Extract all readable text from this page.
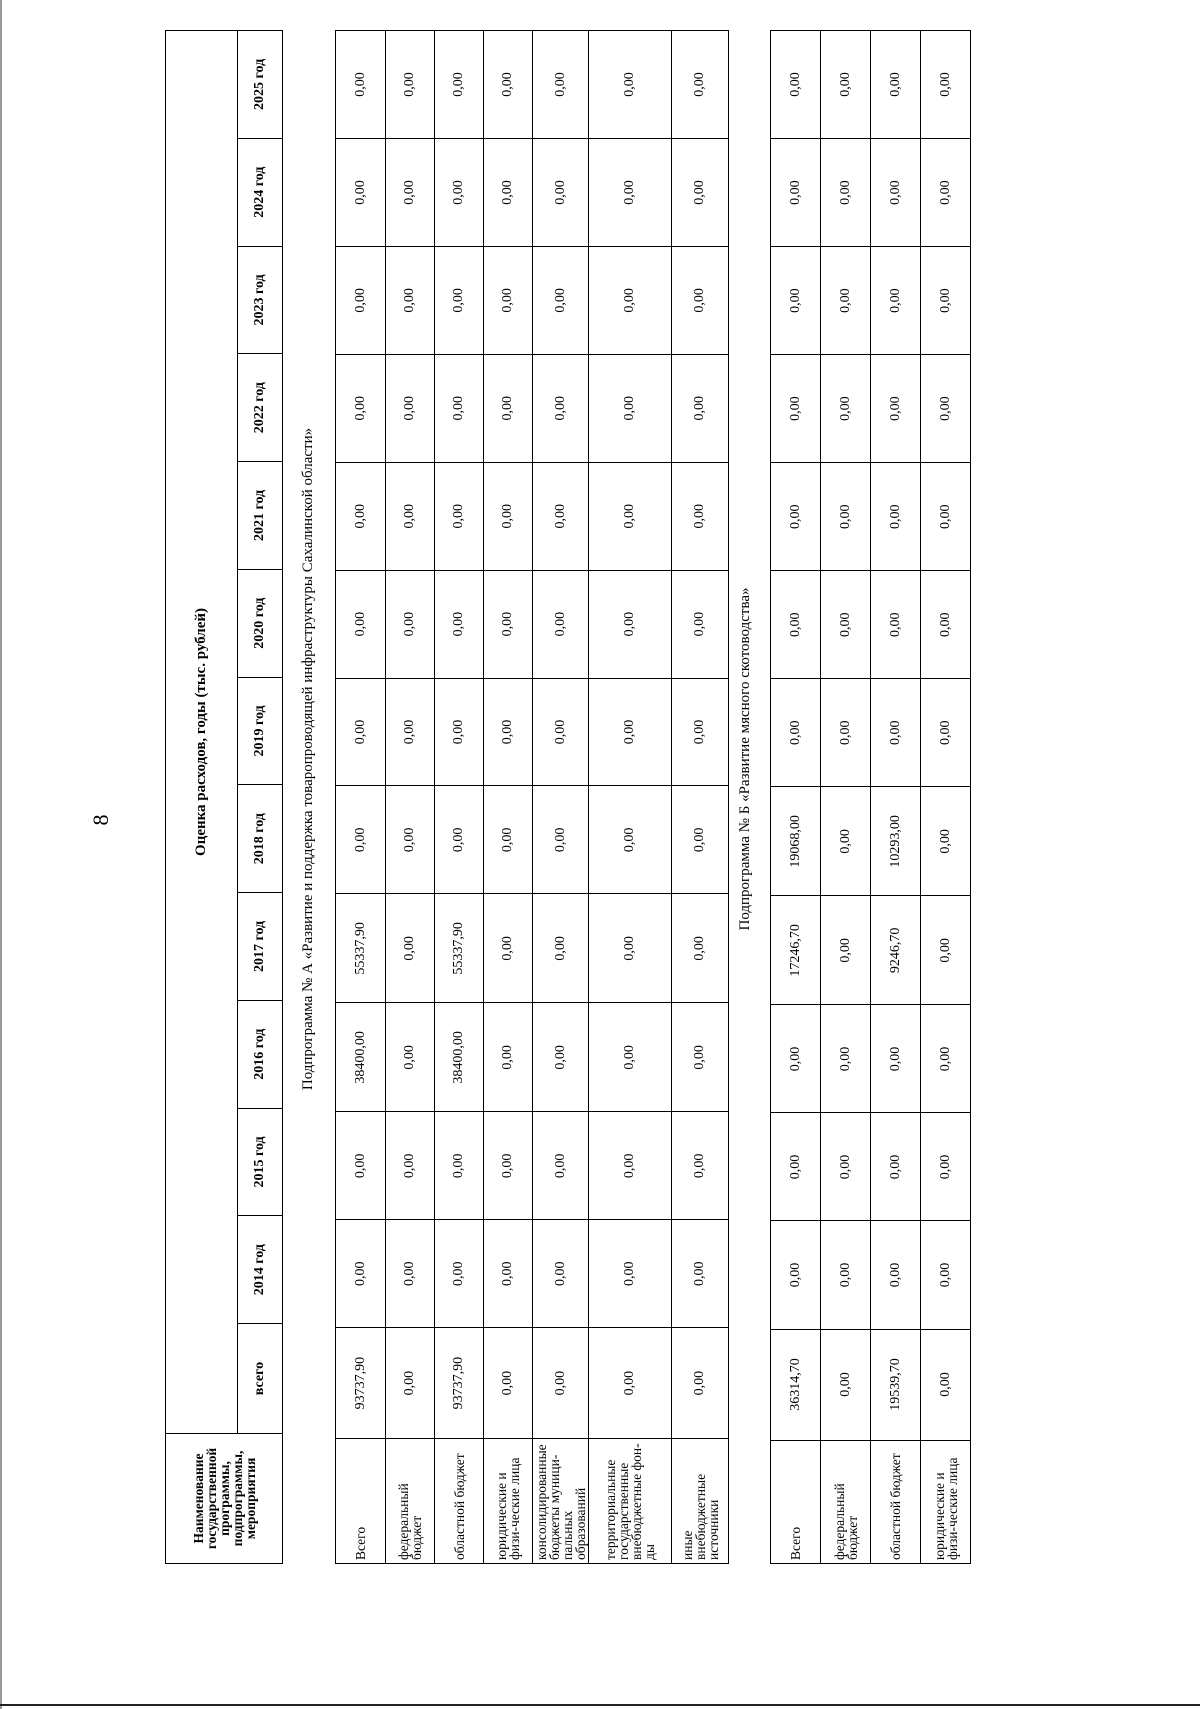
8
Наименование государственной программы, подпрограммы, мероприятия	Оценка расходов, годы (тыс. рублей)												
	всего	2014 год	2015 год	2016 год	2017 год	2018 год	2019 год	2020 год	2021 год	2022 год	2023 год	2024 год	2025 год
Подпрограмма № А «Развитие и поддержка товаропроводящей инфраструктуры Сахалинской области»
Всего	93737,90	0,00	0,00	38400,00	55337,90	0,00	0,00	0,00	0,00	0,00	0,00	0,00	0,00
федеральный бюджет	0,00	0,00	0,00	0,00	0,00	0,00	0,00	0,00	0,00	0,00	0,00	0,00	0,00
областной бюджет	93737,90	0,00	0,00	38400,00	55337,90	0,00	0,00	0,00	0,00	0,00	0,00	0,00	0,00
юридические и физи-ческие лица	0,00	0,00	0,00	0,00	0,00	0,00	0,00	0,00	0,00	0,00	0,00	0,00	0,00
консолидированные бюджеты муници-пальных образований	0,00	0,00	0,00	0,00	0,00	0,00	0,00	0,00	0,00	0,00	0,00	0,00	0,00
территориальные государственные внебюджетные фон-ды	0,00	0,00	0,00	0,00	0,00	0,00	0,00	0,00	0,00	0,00	0,00	0,00	0,00
иные внебюджетные источники	0,00	0,00	0,00	0,00	0,00	0,00	0,00	0,00	0,00	0,00	0,00	0,00	0,00
Подпрограмма № Б «Развитие мясного скотоводства»
Всего	36314,70	0,00	0,00	0,00	17246,70	19068,00	0,00	0,00	0,00	0,00	0,00	0,00	0,00
федеральный бюджет	0,00	0,00	0,00	0,00	0,00	0,00	0,00	0,00	0,00	0,00	0,00	0,00	0,00
областной бюджет	19539,70	0,00	0,00	0,00	9246,70	10293,00	0,00	0,00	0,00	0,00	0,00	0,00	0,00
юридические и физи-ческие лица	0,00	0,00	0,00	0,00	0,00	0,00	0,00	0,00	0,00	0,00	0,00	0,00	0,00
